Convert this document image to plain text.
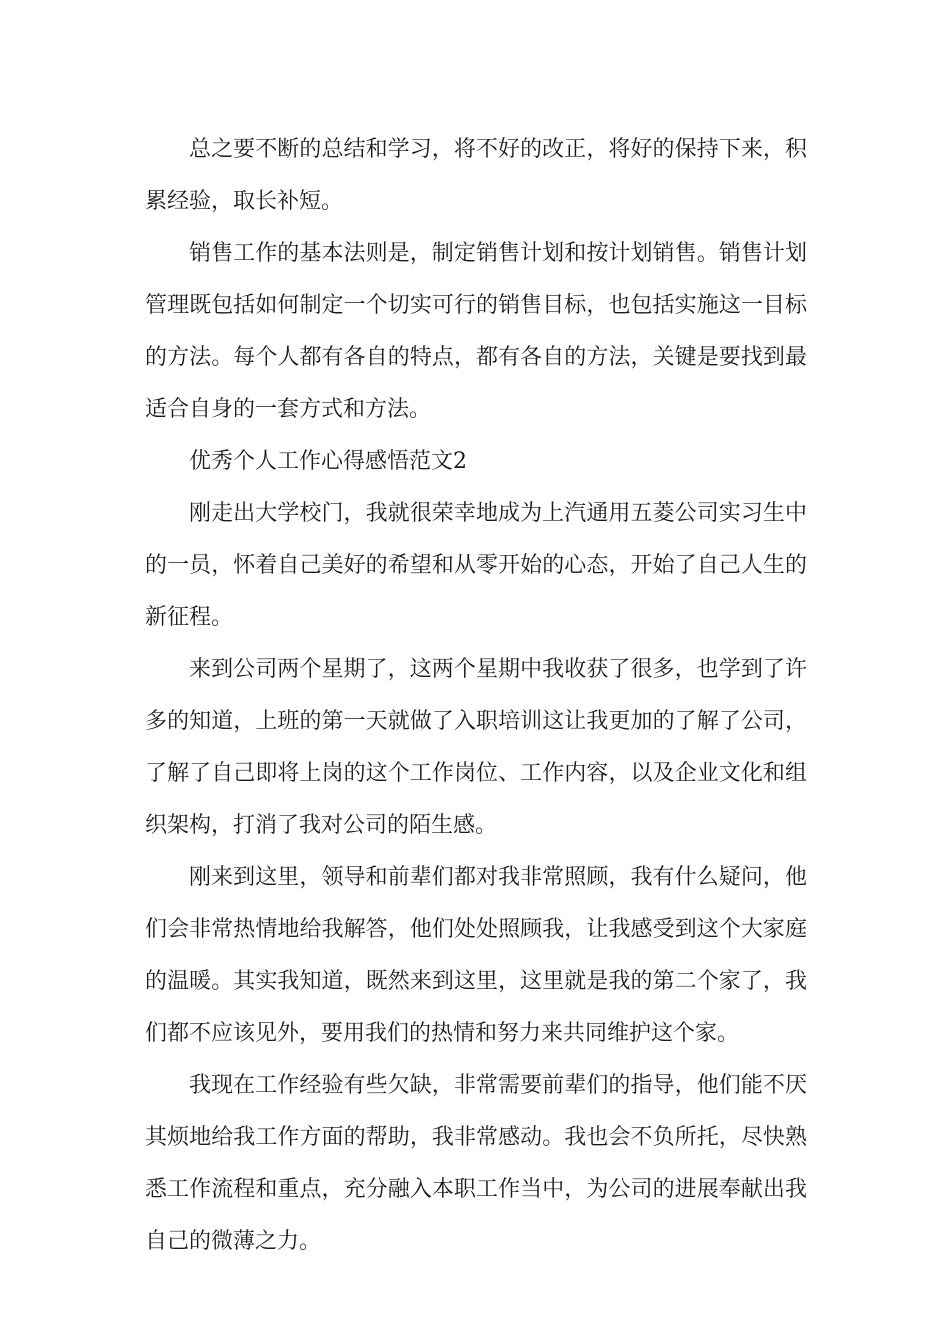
总之要不断的总结和学习，将不好的改正，将好的保持下来，积累经验，取长补短。

销售工作的基本法则是，制定销售计划和按计划销售。销售计划管理既包括如何制定一个切实可行的销售目标，也包括实施这一目标的方法。每个人都有各自的特点，都有各自的方法，关键是要找到最适合自身的一套方式和方法。

优秀个人工作心得感悟范文2

刚走出大学校门，我就很荣幸地成为上汽通用五菱公司实习生中的一员，怀着自己美好的希望和从零开始的心态，开始了自己人生的新征程。

来到公司两个星期了，这两个星期中我收获了很多，也学到了许多的知道，上班的第一天就做了入职培训这让我更加的了解了公司，了解了自己即将上岗的这个工作岗位、工作内容，以及企业文化和组织架构，打消了我对公司的陌生感。

刚来到这里，领导和前辈们都对我非常照顾，我有什么疑问，他们会非常热情地给我解答，他们处处照顾我，让我感受到这个大家庭的温暖。其实我知道，既然来到这里，这里就是我的第二个家了，我们都不应该见外，要用我们的热情和努力来共同维护这个家。

我现在工作经验有些欠缺，非常需要前辈们的指导，他们能不厌其烦地给我工作方面的帮助，我非常感动。我也会不负所托，尽快熟悉工作流程和重点，充分融入本职工作当中，为公司的进展奉献出我自己的微薄之力。
